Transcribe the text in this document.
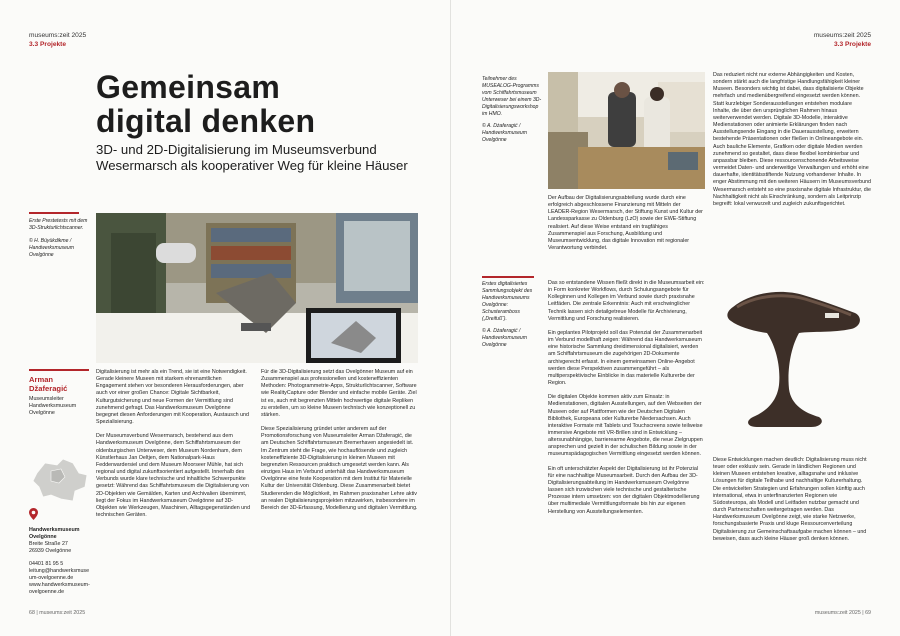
museums:zeit 2025
3.3 Projekte
Gemeinsam
digital denken
3D- und 2D-Digitalisierung im Museumsverbund Wesermarsch als kooperativer Weg für kleine Häuser
Erste Prestetests mit dem 3D-Strukturlichtscanner.
© H. Büyükdikme / Handwerksmuseum Ovelgönne
Arman
Džaferagić
Museumsleiter Handwerksmuseum Ovelgönne
Handwerksmuseum Ovelgönne
Breite Straße 27
26939 Ovelgönne
04401 81 95 5
leitung@handwerksmuseum-ovelgoenne.de
www.handwerksmuseum-ovelgoenne.de

Digitalisierung ist mehr als ein Trend, sie ist eine Notwendigkeit. Gerade kleinere Museen mit starkem ehrenamtlichen Engagement stehen vor besonderen Herausforderungen, aber auch vor einer großen Chance: Digitale Sichtbarkeit, Kulturgutsicherung und neue Formen der Vermittlung sind zunehmend gefragt. Das Handwerksmuseum Ovelgönne begegnet diesen Anforderungen mit Kooperation, Austausch und Spezialisierung.

Der Museumsverbund Wesermarsch, bestehend aus dem Handwerksmuseum Ovelgönne, dem Schiffahrtsmuseum der oldenburgischen Unterweser, dem Museum Nordenham, dem Künstlerhaus Jan Oeltjen, dem Nationalpark-Haus Fedderwardersiel und dem Museum Moorseer Mühle, hat sich regional und digital zukunftsorientiert aufgestellt. Innerhalb des Verbunds wurde klare technische und inhaltliche Schwerpunkte gesetzt: Während das Schiffahrtsmuseum die Digitalisierung von 2D-Objekten wie Gemälden, Karten und Archivalien übernimmt, liegt der Fokus im Handwerksmuseum Ovelgönne auf 3D-Objekten wie Werkzeugen, Maschinen, Alltagsgegenständen und technischen Geräten.

Für die 3D-Digitalisierung setzt das Ovelgönner Museum auf ein Zusammenspiel aus professionellen und kosteneffizienten Methoden: Photogrammetrie-Apps, Strukturlichtscanner, Software wie RealityCapture oder Blender und einfache mobile Geräte. Ziel ist es, auch mit begrenzten Mitteln hochwertige digitale Repliken zu erstellen, um so kleine Museen technisch wie konzeptionell zu stärken.

Diese Spezialisierung gründet unter anderem auf der Promotionsforschung von Museumsleiter Arman Džaferagić, die am Deutschen Schiffahrtsmuseum Bremerhaven angesiedelt ist. Im Zentrum steht die Frage, wie hochauflösende und zugleich kosteneffiziente 3D-Digitalisierung in kleinen Museen mit begrenzten Ressourcen praktisch umgesetzt werden kann. Als einziges Haus im Verbund unterhält das Handwerksmuseum Ovelgönne eine feste Kooperation mit dem Institut für Materielle Kultur der Universität Oldenburg. Diese Zusammenarbeit bietet Studierenden die Möglichkeit, im Rahmen praxisnaher Lehre aktiv an realen Digitalisierungsprojekten mitzuwirken, insbesondere im Bereich der 3D-Erfassung, Modellierung und digitalen Vermittlung.

68 | museums:zeit 2025
museums:zeit 2025
3.3 Projekte
Teilnehmer des MUSEALOG-Programms vom Schiffahrtsmuseum Unterweser bei einem 3D-Digitalisierungsworkshop im HMO.
© A. Dżaferagić / Handwerksmuseum Ovelgönne

Der Aufbau der Digitalisierungsabteilung wurde durch eine erfolgreich abgeschlossene Finanzierung mit Mitteln der LEADER-Region Wesermarsch, der Stiftung Kunst und Kultur der Landessparkasse zu Oldenburg (LzO) sowie der EWE-Stiftung realisiert. Auf diese Weise entstand ein tragfähiges Zusammenspiel aus Forschung, Ausbildung und Museumsentwicklung, das digitale Innovation mit regionaler Verantwortung verbindet.

Erstes digitalisiertes Sammlungsobjekt des Handwerksmuseums Ovelgönne: Schusteramboss („Dreifuß“).
© A. Dżaferagić / Handwerksmuseum Ovelgönne

Das so entstandene Wissen fließt direkt in die Museumsarbeit ein: in Form konkreter Workflows, durch Schulungsangebote für Kolleginnen und Kollegen im Verbund sowie durch praxisnahe Leitfäden. Die zentrale Erkenntnis: Auch mit erschwinglicher Technik lassen sich detailgetreue Modelle für Archivierung, Vermittlung und Forschung realisieren.

Ein geplantes Pilotprojekt soll das Potenzial der Zusammenarbeit im Verbund modellhaft zeigen: Während das Handwerksmuseum eine historische Sammlung dreidimensional digitalisiert, werden am Schiffahrtsmuseum die zugehörigen 2D-Dokumente archivgerecht erfasst. In einem gemeinsamen Online-Angebot werden diese Perspektiven zusammengeführt – als multiperspektivische Einblicke in das materielle Kulturerbe der Region.

Die digitalen Objekte kommen aktiv zum Einsatz: in Medienstationen, digitalen Ausstellungen, auf den Webseiten der Museen oder auf Plattformen wie der Deutschen Digitalen Bibliothek, Europeana oder Kulturerbe Niedersachsen. Auch interaktive Formate mit Tablets und Touchscreens sowie teilweise immersive Angebote mit VR-Brillen sind in Entwicklung – altersunabhängige, barrierearme Angebote, die neue Zielgruppen ansprechen und gezielt in der schulischen Bildung sowie in der museumspädagogischen Vermittlung eingesetzt werden können.

Ein oft unterschätzter Aspekt der Digitalisierung ist ihr Potenzial für eine nachhaltige Museumsarbeit. Durch den Aufbau der 3D-Digitalisierungsabteilung im Handwerksmuseum Ovelgönne lassen sich inzwischen viele technische und gestalterische Prozesse intern umsetzen: von der digitalen Objektmodellierung über multimediale Vermittlungsformate bis hin zur eigenen Herstellung von Ausstellungselementen.

Das reduziert nicht nur externe Abhängigkeiten und Kosten, sondern stärkt auch die langfristige Handlungsfähigkeit kleiner Museen. Besonders wichtig ist dabei, dass digitalisierte Objekte mehrfach und medienübergreifend eingesetzt werden können. Statt kurzlebiger Sonderausstellungen entstehen modulare Inhalte, die über den ursprünglichen Rahmen hinaus weiterverwendet werden. Digitale 3D-Modelle, interaktive Medienstationen oder animierte Erklärungen finden nach Ausstellungsende Eingang in die Dauerausstellung, erweitern bestehende Präsentationen oder fließen in Onlineangebote ein. Auch bauliche Elemente, Grafiken oder digitale Medien werden zunehmend so gestaltet, dass diese flexibel kombinierbar und anpassbar bleiben. Diese ressourcenschonende Arbeitsweise vermeidet Daten- und anderweitige Verwaltungen und erhöht eine dauerhafte, identitätsstiftende Nutzung vorhandener Inhalte. In enger Abstimmung mit den weiteren Häusern im Museumsverbund Wesermarsch entsteht so eine praxisnahe digitale Infrastruktur, die Nachhaltigkeit nicht als Einschränkung, sondern als Leitprinzip begreift: lokal verwurzelt und zugleich zukunftsgerichtet.

Diese Entwicklungen machen deutlich: Digitalisierung muss nicht teuer oder exklusiv sein. Gerade in ländlichen Regionen und kleinen Museen entstehen kreative, alltagsnahe und inklusive Lösungen für digitale Teilhabe und nachhaltige Kulturerhaltung. Die entwickelten Strategien und Erfahrungen sollen künftig auch international, etwa in unterfinanzierten Regionen wie Südosteuropa, als Modell und Leitfaden nutzbar gemacht und durch Partnerschaften weitergetragen werden. Das Handwerksmuseum Ovelgönne zeigt, wie starke Netzwerke, forschungsbasierte Praxis und kluge Ressourcenverteilung Digitalisierung zur Gemeinschaftsaufgabe machen können – und beweisen, dass auch kleine Häuser groß denken können.

museums:zeit 2025 | 69
